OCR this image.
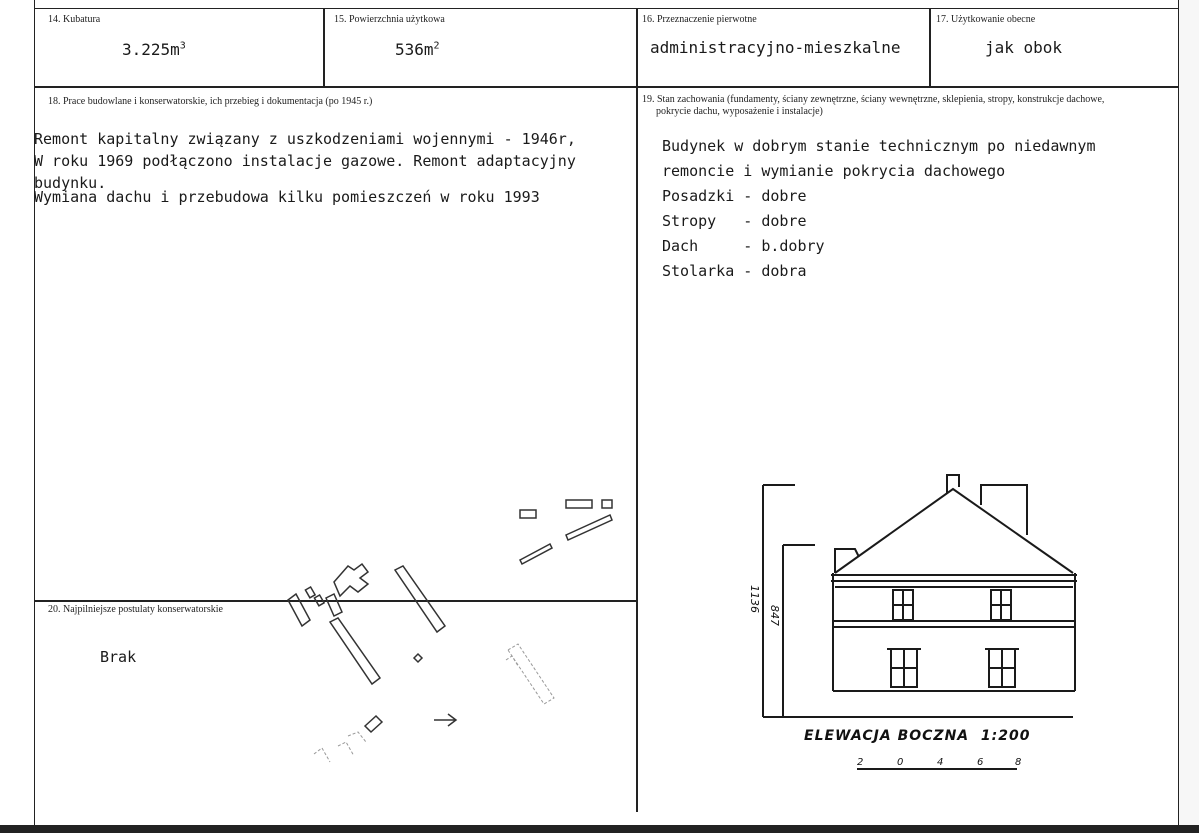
14. Kubatura
$3.225m^3$
15. Powierzchnia użytkowa
$536m^2$
16. Przeznaczenie pierwotne
administracyjno-mieszkalne
17. Użytkowanie obecne
jak obok
18. Prace budowlane i konserwatorskie, ich przebieg i dokumentacja (po 1945 r.)
Remont kapitalny związany z uszkodzeniami wojennymi - 1946r,
W roku 1969 podłączono instalacje gazowe. Remont adaptacyjny
budynku.
Wymiana dachu i przebudowa kilku pomieszczeń w roku 1993
19. Stan zachowania (fundamenty, ściany zewnętrzne, ściany wewnętrzne, sklepienia, stropy, konstrukcje dachowe,
pokrycie dachu, wyposażenie i instalacje)
Budynek w dobrym stanie technicznym po niedawnym
remoncie i wymianie pokrycia dachowego
Posadzki - dobre
Stropy   - dobre
Dach     - b.dobry
Stolarka - dobra
20. Najpilniejsze postulaty konserwatorskie
Brak
1136
847
2	0	4	6	8
ELEWACJA BOCZNA 1:200
